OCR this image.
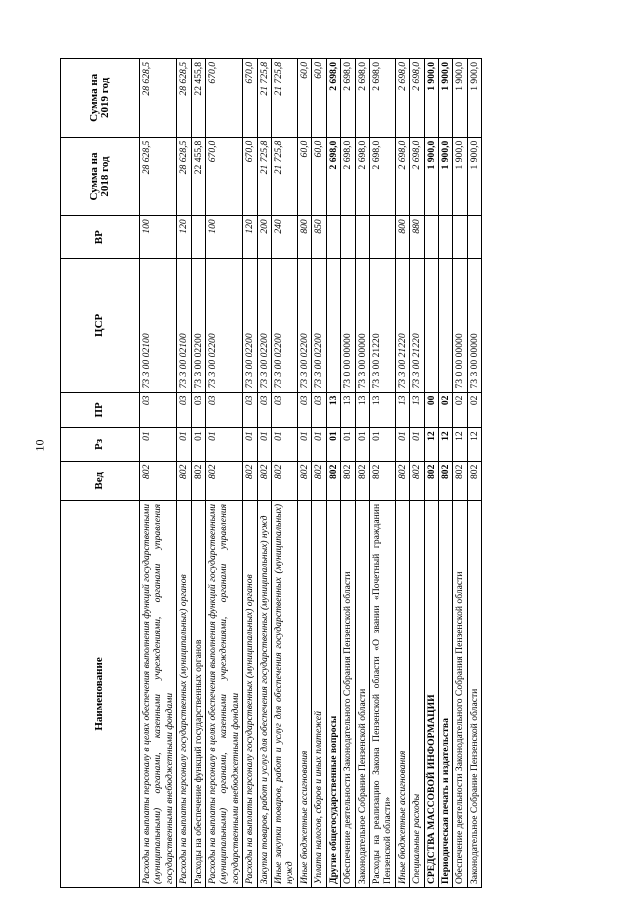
10
Наименование	Вед	Рз	ПР	ЦСР	ВР	Сумма на 2018 год	Сумма на 2019 год
Расходы на выплаты персоналу в целях обеспечения выполнения функций государственными (муниципальными) органами, казенными учреждениями, органами управления государственными внебюджетными фондами	802	01	03	73 3 00 02100	100	28 628,5	28 628,5
Расходы на выплаты персоналу государственных (муниципальных) органов	802	01	03	73 3 00 02100	120	28 628,5	28 628,5
Расходы на обеспечение функций государственных органов	802	01	03	73 3 00 02200		22 455,8	22 455,8
Расходы на выплаты персоналу в целях обеспечения выполнения функций государственными (муниципальными) органами, казенными учреждениями, органами управления государственными внебюджетными фондами	802	01	03	73 3 00 02200	100	670,0	670,0
Расходы на выплаты персоналу государственных (муниципальных) органов	802	01	03	73 3 00 02200	120	670,0	670,0
Закупка товаров, работ и услуг для обеспечения государственных (муниципальных) нужд	802	01	03	73 3 00 02200	200	21 725,8	21 725,8
Иные закупки товаров, работ и услуг для обеспечения государственных (муниципальных) нужд	802	01	03	73 3 00 02200	240	21 725,8	21 725,8
Иные бюджетные ассигнования	802	01	03	73 3 00 02200	800	60,0	60,0
Уплата налогов, сборов и иных платежей	802	01	03	73 3 00 02200	850	60,0	60,0
Другие общегосударственные вопросы	802	01	13			2 698,0	2 698,0
Обеспечение деятельности Законодательного Собрания Пензенской области	802	01	13	73 0 00 00000		2 698,0	2 698,0
Законодательное Собрание Пензенской области	802	01	13	73 3 00 00000		2 698,0	2 698,0
Расходы на реализацию Закона Пензенской области «О звании «Почетный гражданин Пензенской области»	802	01	13	73 3 00 21220		2 698,0	2 698,0
Иные бюджетные ассигнования	802	01	13	73 3 00 21220	800	2 698,0	2 698,0
Специальные расходы	802	01	13	73 3 00 21220	880	2 698,0	2 698,0
СРЕДСТВА МАССОВОЙ ИНФОРМАЦИИ	802	12	00			1 900,0	1 900,0
Периодическая печать и издательства	802	12	02			1 900,0	1 900,0
Обеспечение деятельности Законодательного Собрания Пензенской области	802	12	02	73 0 00 00000		1 900,0	1 900,0
Законодательное Собрание Пензенской области	802	12	02	73 3 00 00000		1 900,0	1 900,0
